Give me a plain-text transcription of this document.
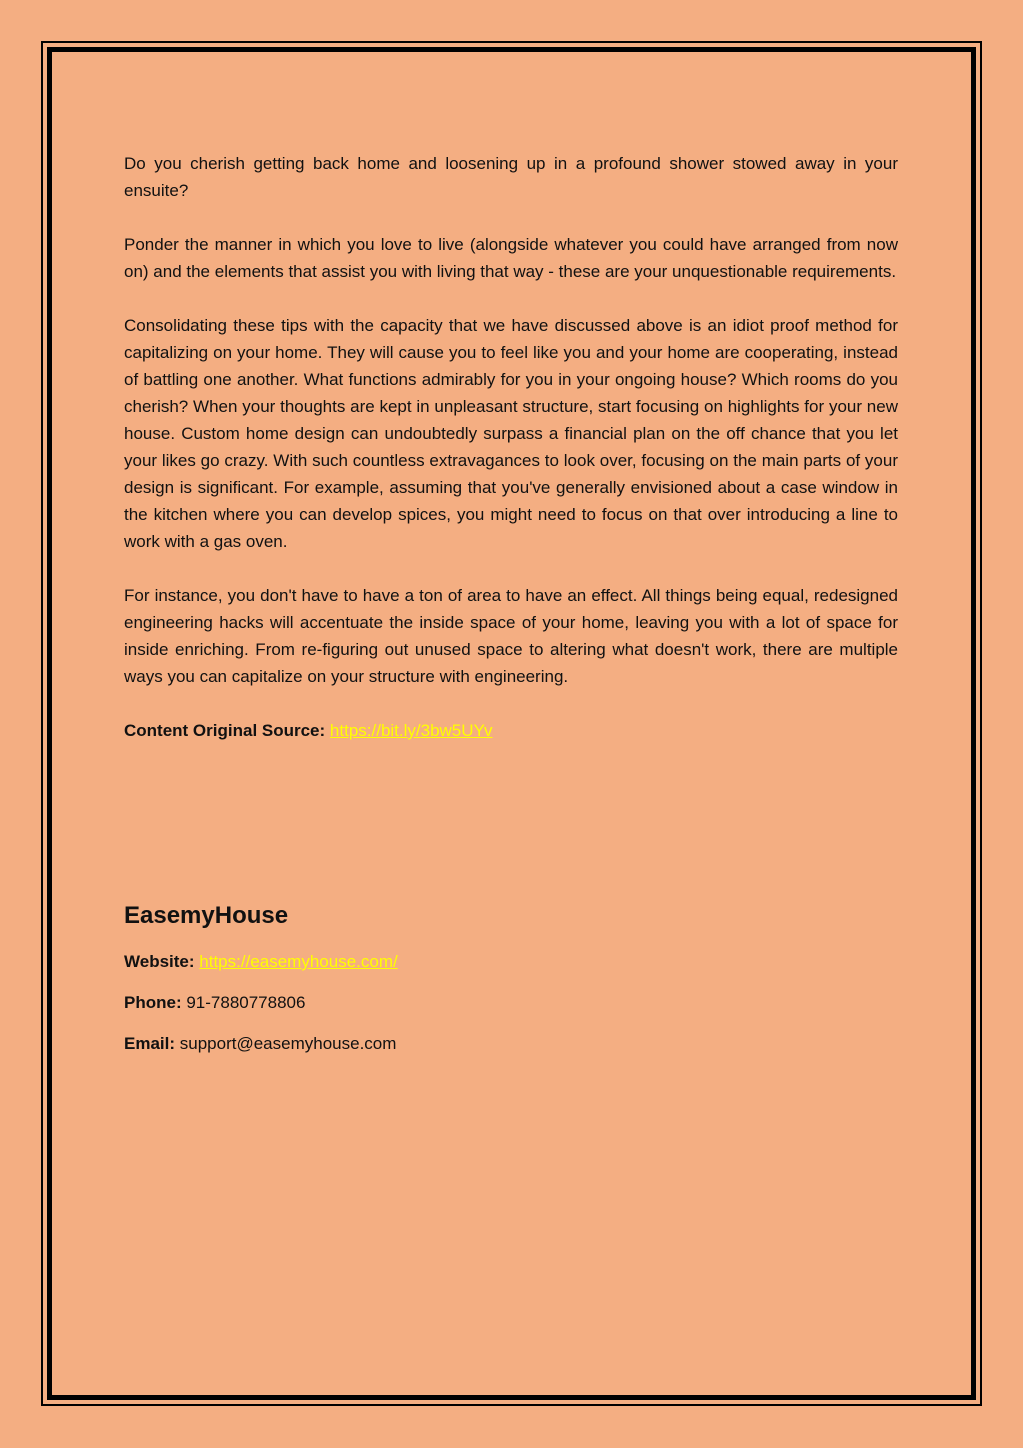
Do you cherish getting back home and loosening up in a profound shower stowed away in your ensuite?

Ponder the manner in which you love to live (alongside whatever you could have arranged from now on) and the elements that assist you with living that way - these are your unquestionable requirements.

Consolidating these tips with the capacity that we have discussed above is an idiot proof method for capitalizing on your home. They will cause you to feel like you and your home are cooperating, instead of battling one another. What functions admirably for you in your ongoing house? Which rooms do you cherish? When your thoughts are kept in unpleasant structure, start focusing on highlights for your new house. Custom home design can undoubtedly surpass a financial plan on the off chance that you let your likes go crazy. With such countless extravagances to look over, focusing on the main parts of your design is significant. For example, assuming that you've generally envisioned about a case window in the kitchen where you can develop spices, you might need to focus on that over introducing a line to work with a gas oven.

For instance, you don't have to have a ton of area to have an effect. All things being equal, redesigned engineering hacks will accentuate the inside space of your home, leaving you with a lot of space for inside enriching. From re-figuring out unused space to altering what doesn't work, there are multiple ways you can capitalize on your structure with engineering.

Content Original Source: https://bit.ly/3bw5UYv

EasemyHouse

Website: https://easemyhouse.com/

Phone: 91-7880778806

Email: support@easemyhouse.com
